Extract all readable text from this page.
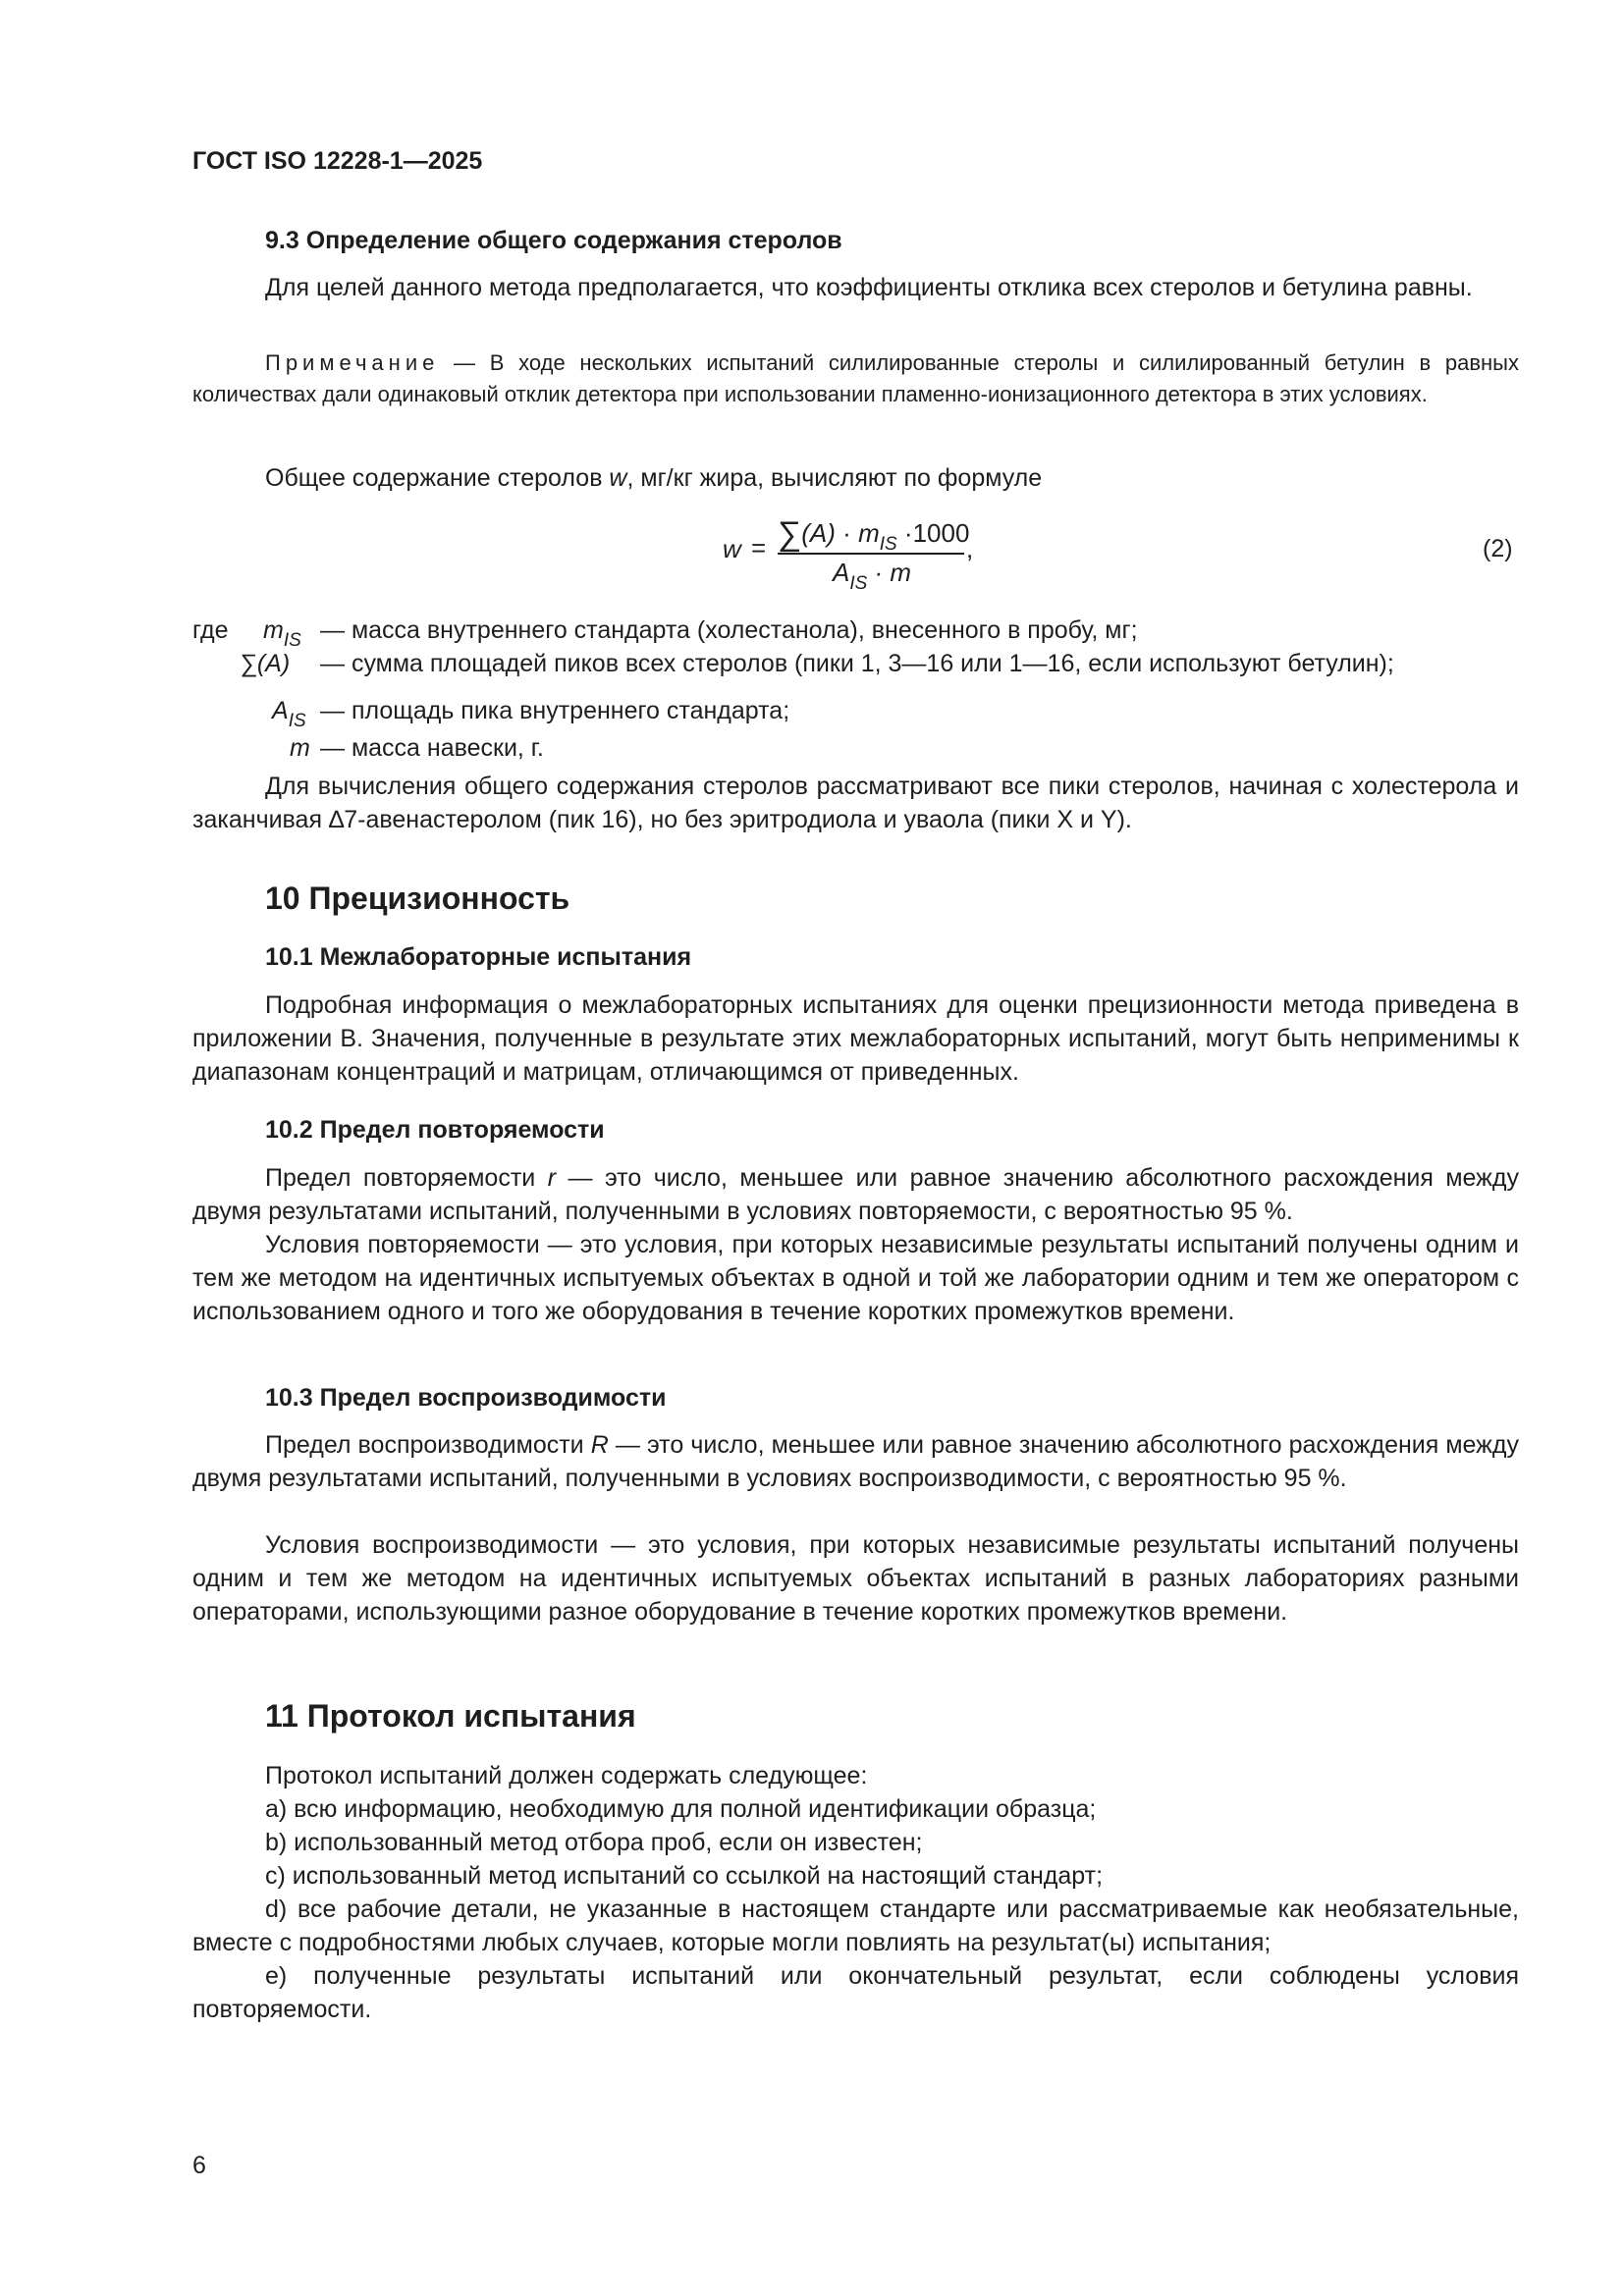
ГОСТ ISO 12228-1—2025

9.3 Определение общего содержания стеролов

Для целей данного метода предполагается, что коэффициенты отклика всех стеролов и бетулина равны.

Примечание — В ходе нескольких испытаний силилированные стеролы и силилированный бетулин в равных количествах дали одинаковый отклик детектора при использовании пламенно-ионизационного детектора в этих условиях.

Общее содержание стеролов w, мг/кг жира, вычисляют по формуле

$w = \sum(A) \cdot m_{IS} \cdot 1000$
$A_{IS} \cdot m$
,	(2)
где $m_{IS}$ — масса внутреннего стандарта (холестанола), внесенного в пробу, мг;
∑(A) — сумма площадей пиков всех стеролов (пики 1, 3—16 или 1—16, если используют бетулин);
$A_{IS}$ — площадь пика внутреннего стандарта;
m — масса навески, г.

Для вычисления общего содержания стеролов рассматривают все пики стеролов, начиная с холестерола и заканчивая ∆7-авенастеролом (пик 16), но без эритродиола и уваола (пики X и Y).

10 Прецизионность

10.1 Межлабораторные испытания

Подробная информация о межлабораторных испытаниях для оценки прецизионности метода приведена в приложении B. Значения, полученные в результате этих межлабораторных испытаний, могут быть неприменимы к диапазонам концентраций и матрицам, отличающимся от приведенных.

10.2 Предел повторяемости

Предел повторяемости r — это число, меньшее или равное значению абсолютного расхождения между двумя результатами испытаний, полученными в условиях повторяемости, с вероятностью 95 %.

Условия повторяемости — это условия, при которых независимые результаты испытаний получены одним и тем же методом на идентичных испытуемых объектах в одной и той же лаборатории одним и тем же оператором с использованием одного и того же оборудования в течение коротких промежутков времени.

10.3 Предел воспроизводимости

Предел воспроизводимости R — это число, меньшее или равное значению абсолютного расхождения между двумя результатами испытаний, полученными в условиях воспроизводимости, с вероятностью 95 %.

Условия воспроизводимости — это условия, при которых независимые результаты испытаний получены одним и тем же методом на идентичных испытуемых объектах испытаний в разных лабораториях разными операторами, использующими разное оборудование в течение коротких промежутков времени.

11 Протокол испытания

Протокол испытаний должен содержать следующее:

a) всю информацию, необходимую для полной идентификации образца;

b) использованный метод отбора проб, если он известен;

c) использованный метод испытаний со ссылкой на настоящий стандарт;

d) все рабочие детали, не указанные в настоящем стандарте или рассматриваемые как необязательные, вместе с подробностями любых случаев, которые могли повлиять на результат(ы) испытания;

e) полученные результаты испытаний или окончательный результат, если соблюдены условия повторяемости.

6
